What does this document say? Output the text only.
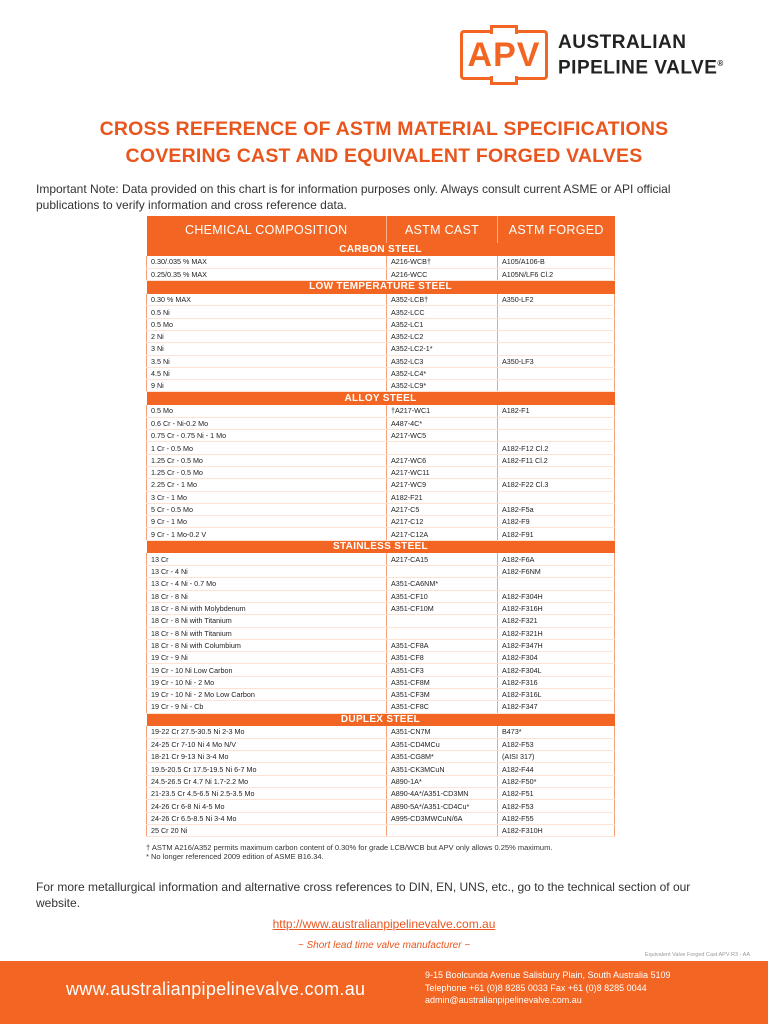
APV AUSTRALIAN
PIPELINE VALVE®
CROSS REFERENCE OF ASTM MATERIAL SPECIFICATIONS
COVERING CAST AND EQUIVALENT FORGED VALVES

Important Note: Data provided on this chart is for information purposes only. Always consult current ASME or API official publications to verify information and cross reference data.

CHEMICAL COMPOSITION	ASTM CAST	ASTM FORGED
CARBON STEEL		
0.30/.035 % MAX	A216-WCB†	A105/A106-B
0.25/0.35 % MAX	A216-WCC	A105N/LF6 Cl.2
LOW TEMPERATURE STEEL		
0.30 % MAX	A352-LCB†	A350-LF2
0.5 Ni	A352-LCC	
0.5 Mo	A352-LC1	
2 Ni	A352-LC2	
3 Ni	A352-LC2-1*	
3.5 Ni	A352-LC3	A350-LF3
4.5 Ni	A352-LC4*	
9 Ni	A352-LC9*	
ALLOY STEEL		
0.5 Mo	†A217-WC1	A182-F1
0.6 Cr - Ni-0.2 Mo	A487-4C*	
0.75 Cr - 0.75 Ni - 1 Mo	A217-WC5	
1 Cr - 0.5 Mo		A182-F12 Cl.2
1.25 Cr - 0.5 Mo	A217-WC6	A182-F11 Cl.2
1.25 Cr - 0.5 Mo	A217-WC11	
2.25 Cr - 1 Mo	A217-WC9	A182-F22 Cl.3
3 Cr - 1 Mo	A182-F21	
5 Cr - 0.5 Mo	A217-C5	A182-F5a
9 Cr - 1 Mo	A217-C12	A182-F9
9 Cr - 1 Mo-0.2 V	A217-C12A	A182-F91
STAINLESS STEEL		
13 Cr	A217-CA15	A182-F6A
13 Cr - 4 Ni		A182-F6NM
13 Cr - 4 Ni - 0.7 Mo	A351-CA6NM*	
18 Cr - 8 Ni	A351-CF10	A182-F304H
18 Cr - 8 Ni with Molybdenum	A351-CF10M	A182-F316H
18 Cr - 8 Ni with Titanium		A182-F321
18 Cr - 8 Ni with Titanium		A182-F321H
18 Cr - 8 Ni with Columbium	A351-CF8A	A182-F347H
19 Cr - 9 Ni	A351-CF8	A182-F304
19 Cr - 10 Ni Low Carbon	A351-CF3	A182-F304L
19 Cr - 10 Ni - 2 Mo	A351-CF8M	A182-F316
19 Cr - 10 Ni - 2 Mo Low Carbon	A351-CF3M	A182-F316L
19 Cr - 9 Ni - Cb	A351-CF8C	A182-F347
DUPLEX STEEL		
19-22 Cr 27.5-30.5 Ni 2-3 Mo	A351-CN7M	B473*
24-25 Cr 7-10 Ni 4 Mo N/V	A351-CD4MCu	A182-F53
18-21 Cr 9-13 Ni 3-4 Mo	A351-CG8M*	(AISI 317)
19.5-20.5 Cr 17.5-19.5 Ni 6-7 Mo	A351-CK3MCuN	A182-F44
24.5-26.5 Cr 4.7 Ni 1.7-2.2 Mo	A890-1A*	A182-F50*
21-23.5 Cr 4.5-6.5 Ni 2.5-3.5 Mo	A890-4A*/A351-CD3MN	A182-F51
24-26 Cr 6-8 Ni 4-5 Mo	A890-5A*/A351-CD4Cu*	A182-F53
24-26 Cr 6.5-8.5 Ni 3-4 Mo	A995-CD3MWCuN/6A	A182-F55
25 Cr 20 Ni		A182-F310H
† ASTM A216/A352 permits maximum carbon content of 0.30% for grade LCB/WCB but APV only allows 0.25% maximum.
* No longer referenced 2009 edition of ASME B16.34.

For more metallurgical information and alternative cross references to DIN, EN, UNS, etc., go to the technical section of our website.

http://www.australianpipelinevalve.com.au
~ Short lead time valve manufacturer ~
Equivalent Valve Forged Cast APV R3 - AA
www.australianpipelinevalve.com.au
9-15 Boolcunda Avenue Salisbury Plain, South Australia 5109
Telephone +61 (0)8 8285 0033 Fax +61 (0)8 8285 0044
admin@australianpipelinevalve.com.au
